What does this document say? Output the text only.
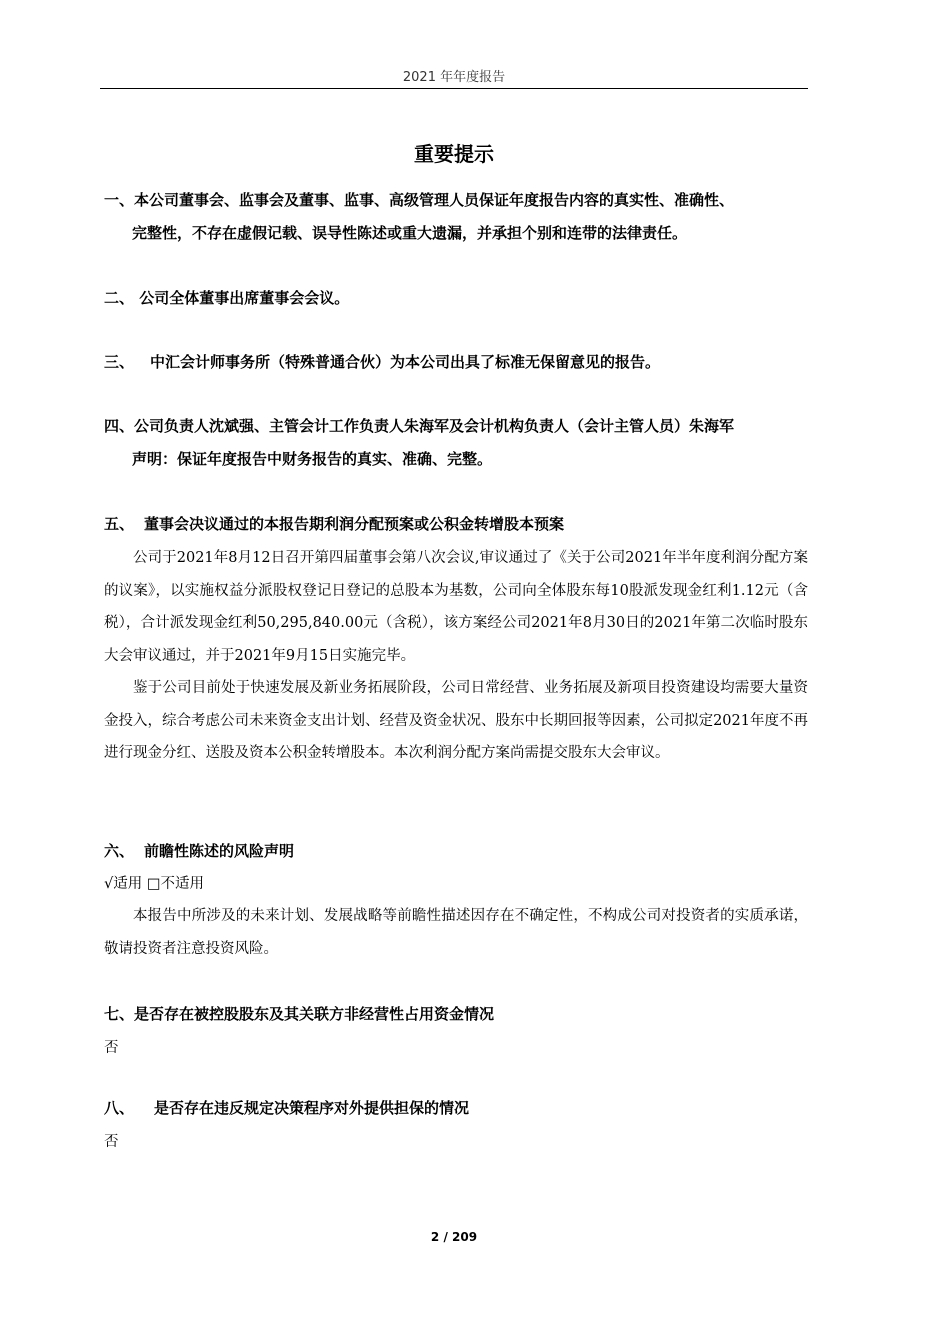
2021 年年度报告
重要提示
一、本公司董事会、监事会及董事、监事、高级管理人员保证年度报告内容的真实性、准确性、
完整性，不存在虚假记载、误导性陈述或重大遗漏，并承担个别和连带的法律责任。
二、 公司全体董事出席董事会会议。
三、 中汇会计师事务所（特殊普通合伙）为本公司出具了标准无保留意见的报告。
四、公司负责人沈斌强、主管会计工作负责人朱海军及会计机构负责人（会计主管人员）朱海军
声明：保证年度报告中财务报告的真实、准确、完整。
五、 董事会决议通过的本报告期利润分配预案或公积金转增股本预案

公司于2021年8月12日召开第四届董事会第八次会议,审议通过了《关于公司2021年半年度利润分配方案的议案》，以实施权益分派股权登记日登记的总股本为基数，公司向全体股东每10股派发现金红利1.12元（含税），合计派发现金红利50,295,840.00元（含税），该方案经公司2021年8月30日的2021年第二次临时股东大会审议通过，并于2021年9月15日实施完毕。

鉴于公司目前处于快速发展及新业务拓展阶段，公司日常经营、业务拓展及新项目投资建设均需要大量资金投入，综合考虑公司未来资金支出计划、经营及资金状况、股东中长期回报等因素，公司拟定2021年度不再进行现金分红、送股及资本公积金转增股本。本次利润分配方案尚需提交股东大会审议。

六、 前瞻性陈述的风险声明
√适用 □不适用

本报告中所涉及的未来计划、发展战略等前瞻性描述因存在不确定性，不构成公司对投资者的实质承诺，敬请投资者注意投资风险。

七、是否存在被控股股东及其关联方非经营性占用资金情况
否
八、 是否存在违反规定决策程序对外提供担保的情况
否
2 / 209
